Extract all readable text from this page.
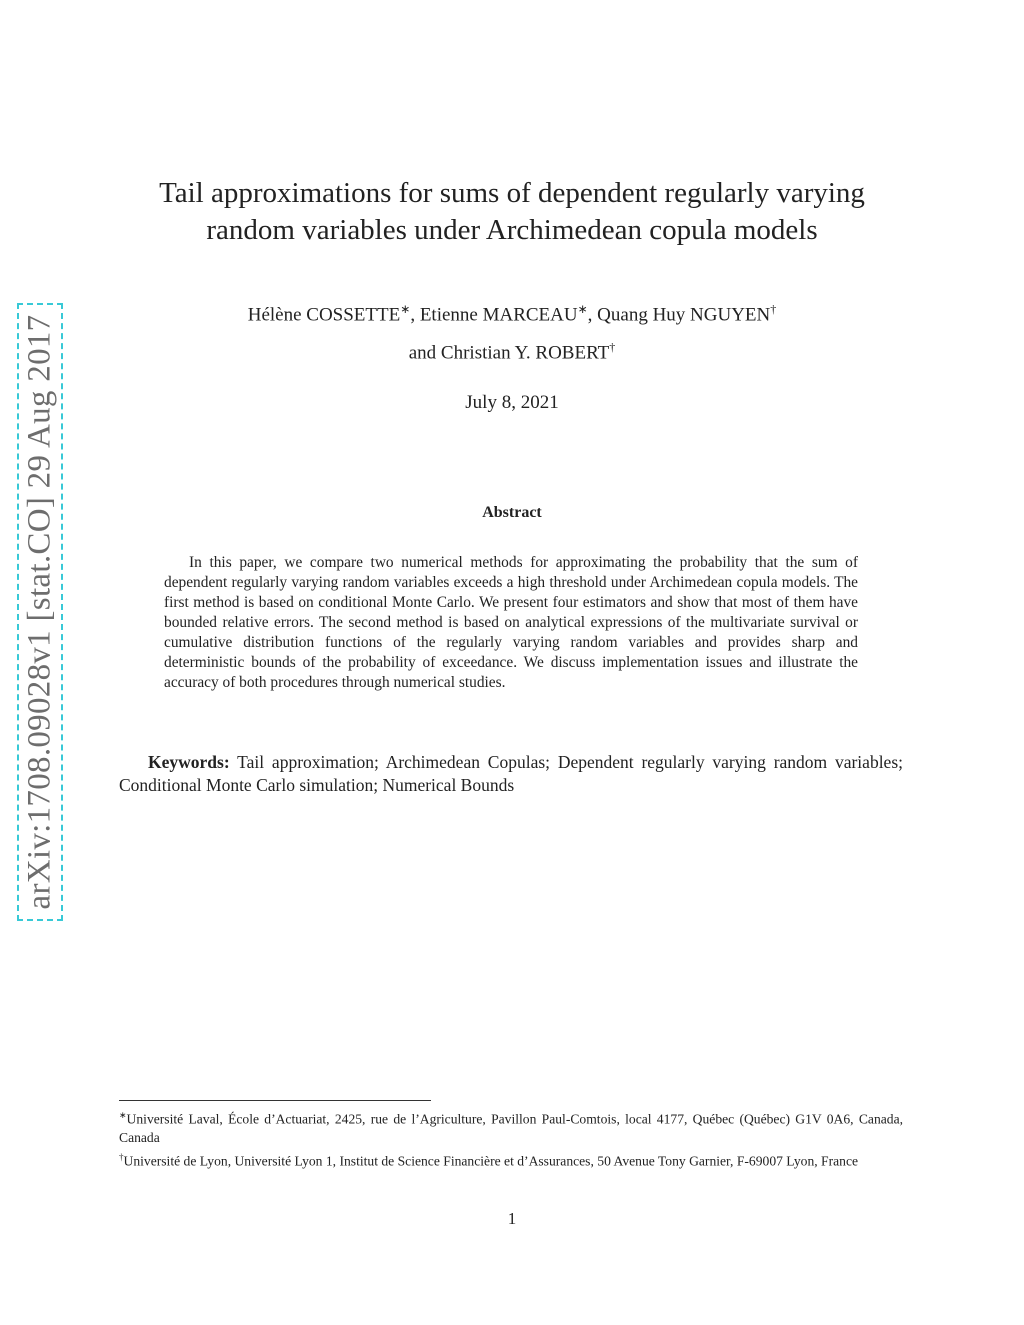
arXiv:1708.09028v1 [stat.CO] 29 Aug 2017
Tail approximations for sums of dependent regularly varying
random variables under Archimedean copula models
Hélène COSSETTE∗, Etienne MARCEAU∗, Quang Huy NGUYEN†
and Christian Y. ROBERT†
July 8, 2021
Abstract

In this paper, we compare two numerical methods for approximating the probability that the sum of dependent regularly varying random variables exceeds a high threshold under Archimedean copula models. The first method is based on conditional Monte Carlo. We present four estimators and show that most of them have bounded relative errors. The second method is based on analytical expressions of the multivariate survival or cumulative distribution functions of the regularly varying random variables and provides sharp and deterministic bounds of the probability of exceedance. We discuss implementation issues and illustrate the accuracy of both procedures through numerical studies.

Keywords: Tail approximation; Archimedean Copulas; Dependent regularly varying random variables; Conditional Monte Carlo simulation; Numerical Bounds

∗Université Laval, École d’Actuariat, 2425, rue de l’Agriculture, Pavillon Paul-Comtois, local 4177, Québec (Québec) G1V 0A6, Canada, Canada

†Université de Lyon, Université Lyon 1, Institut de Science Financière et d’Assurances, 50 Avenue Tony Garnier, F-69007 Lyon, France

1
